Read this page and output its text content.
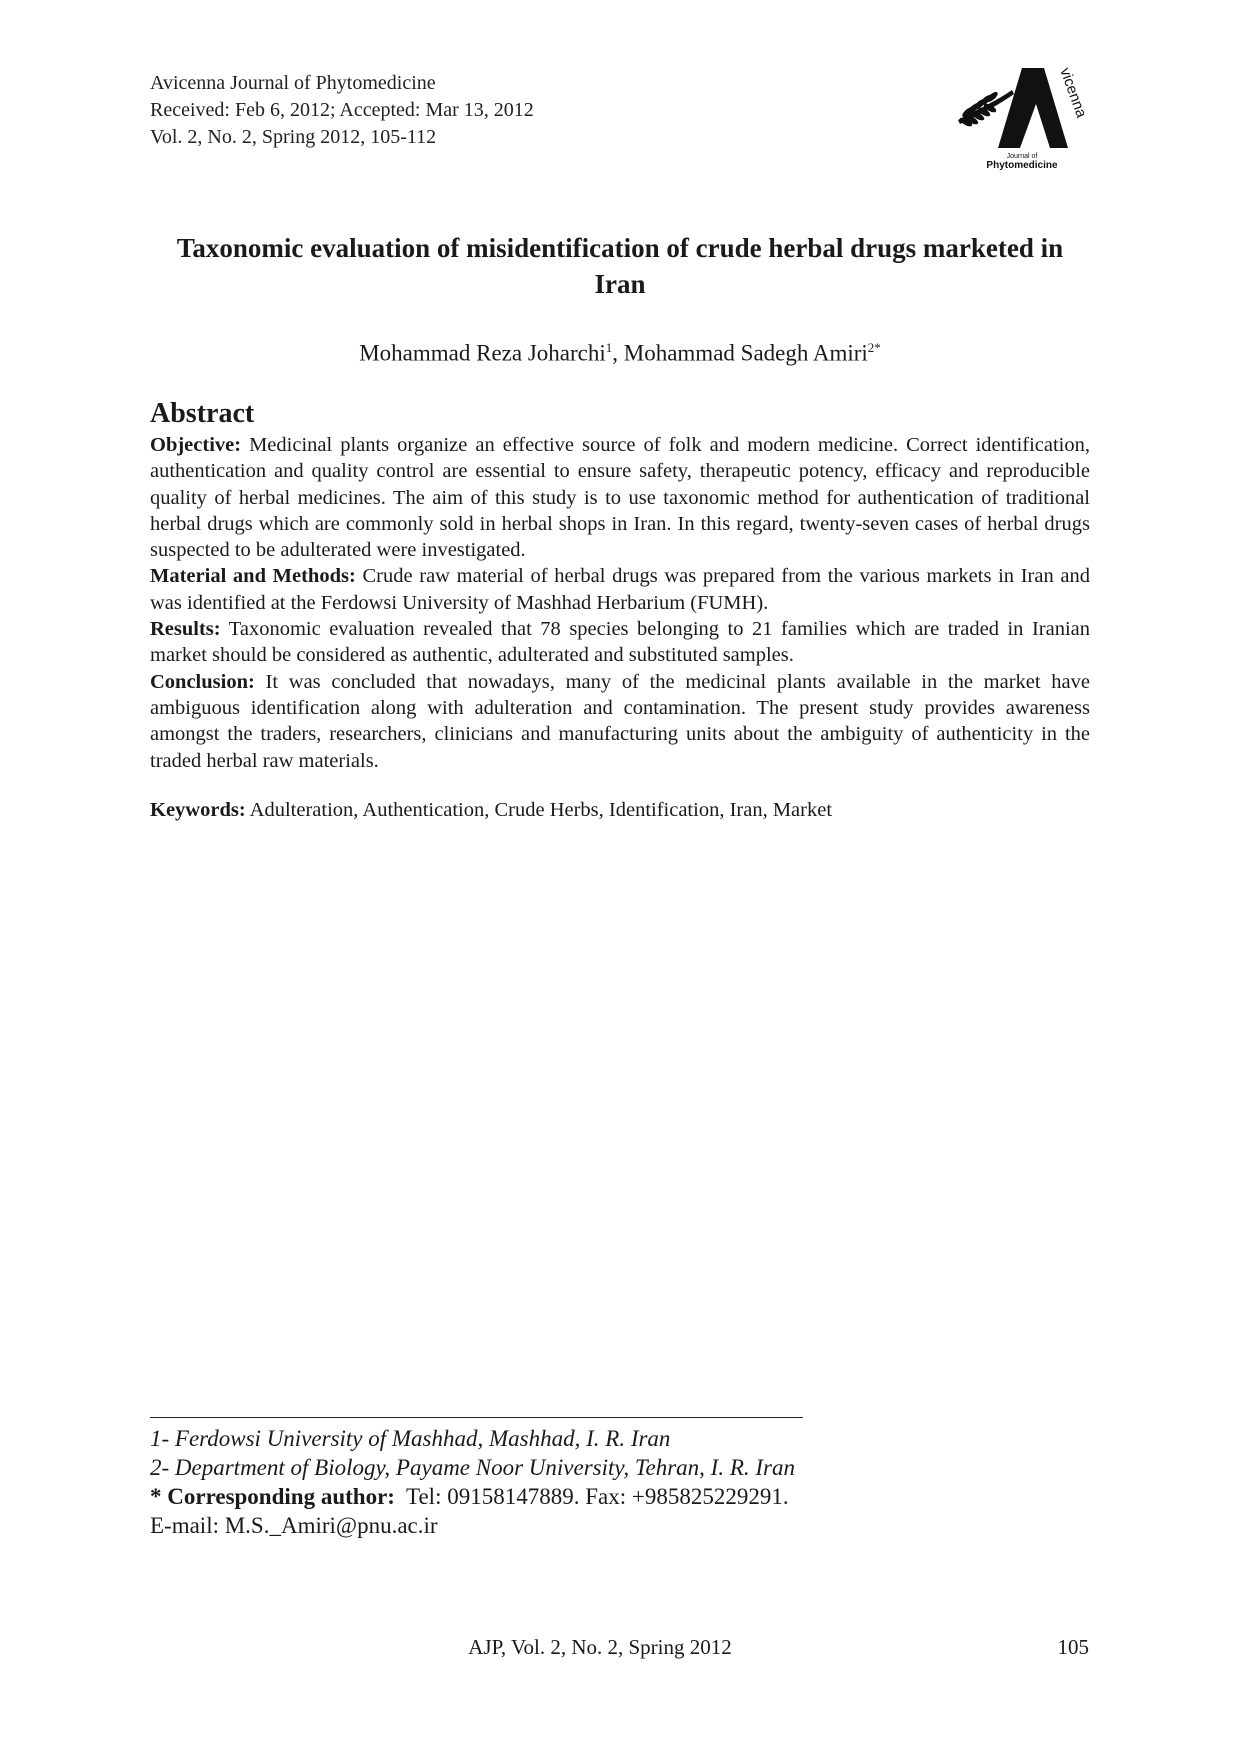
Avicenna Journal of Phytomedicine
Received: Feb 6, 2012; Accepted: Mar 13, 2012
Vol. 2, No. 2, Spring 2012, 105-112
vicenna
Journal of
Phytomedicine
Taxonomic evaluation of misidentification of crude herbal drugs marketed in Iran
Mohammad Reza Joharchi$^1$, Mohammad Sadegh Amiri$^{2*}$
Abstract

Objective: Medicinal plants organize an effective source of folk and modern medicine. Correct identification, authentication and quality control are essential to ensure safety, therapeutic potency, efficacy and reproducible quality of herbal medicines. The aim of this study is to use taxonomic method for authentication of traditional herbal drugs which are commonly sold in herbal shops in Iran. In this regard, twenty-seven cases of herbal drugs suspected to be adulterated were investigated.

Material and Methods: Crude raw material of herbal drugs was prepared from the various markets in Iran and was identified at the Ferdowsi University of Mashhad Herbarium (FUMH).

Results: Taxonomic evaluation revealed that 78 species belonging to 21 families which are traded in Iranian market should be considered as authentic, adulterated and substituted samples.

Conclusion: It was concluded that nowadays, many of the medicinal plants available in the market have ambiguous identification along with adulteration and contamination. The present study provides awareness amongst the traders, researchers, clinicians and manufacturing units about the ambiguity of authenticity in the traded herbal raw materials.

Keywords: Adulteration, Authentication, Crude Herbs, Identification, Iran, Market
1- Ferdowsi University of Mashhad, Mashhad, I. R. Iran
2- Department of Biology, Payame Noor University, Tehran, I. R. Iran
* Corresponding author: Tel: 09158147889. Fax: +985825229291.
E-mail: M.S._Amiri@pnu.ac.ir
AJP, Vol. 2, No. 2, Spring 2012	105
